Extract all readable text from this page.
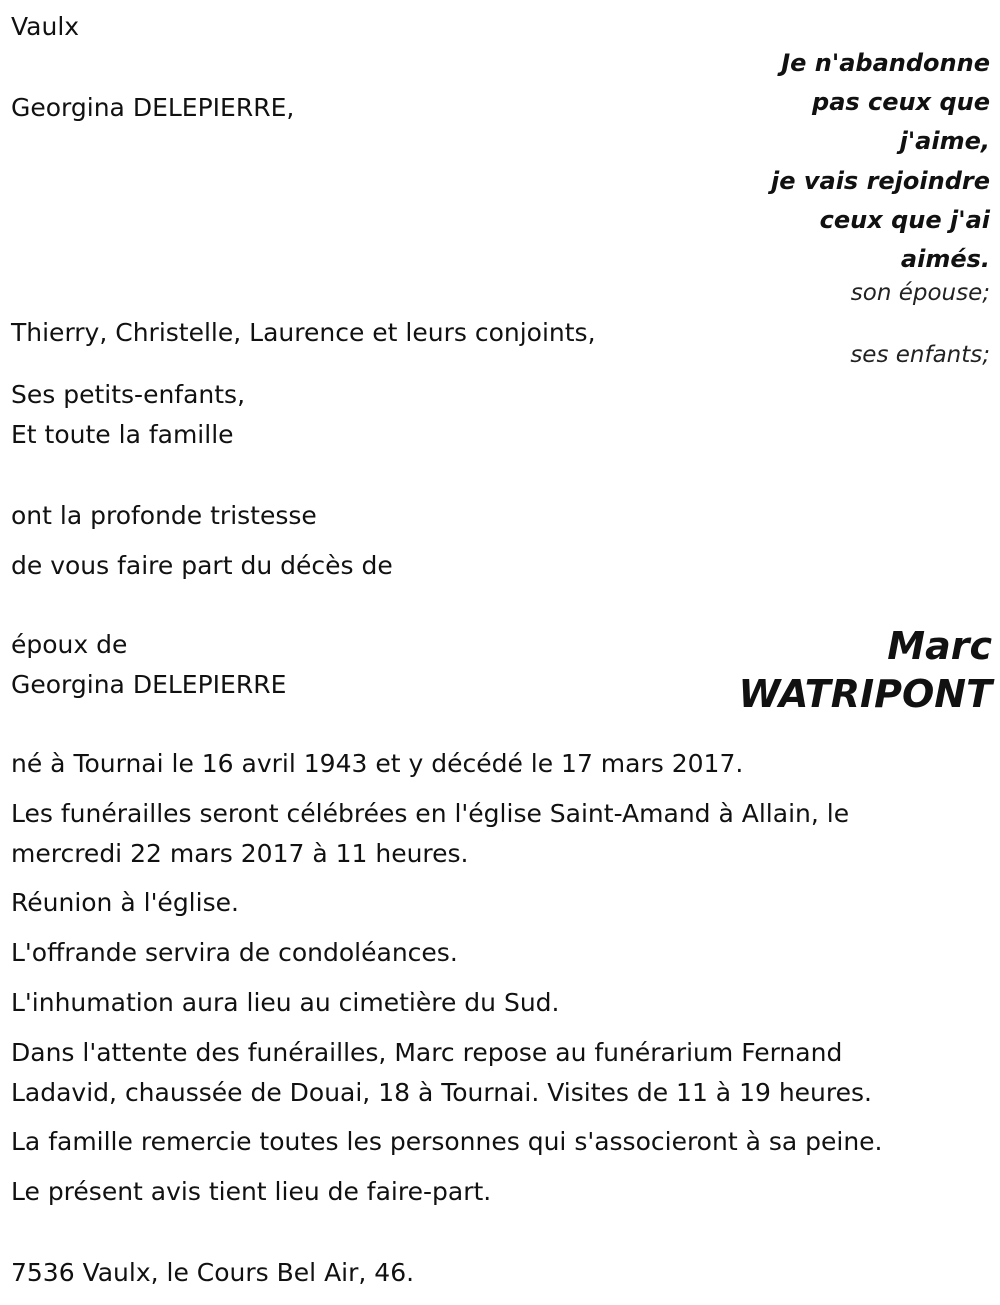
Vaulx
Je n'abandonne
pas ceux que
j'aime,
je vais rejoindre
ceux que j'ai
aimés.
Georgina DELEPIERRE,
son épouse;
Thierry, Christelle, Laurence et leurs conjoints,
ses enfants;
Ses petits-enfants,
Et toute la famille
ont la profonde tristesse
de vous faire part du décès de
époux de
Georgina DELEPIERRE
Marc
WATRIPONT
né à Tournai le 16 avril 1943 et y décédé le 17 mars 2017.
Les funérailles seront célébrées en l'église Saint-Amand à Allain, le mercredi 22 mars 2017 à 11 heures.
Réunion à l'église.
L'offrande servira de condoléances.
L'inhumation aura lieu au cimetière du Sud.
Dans l'attente des funérailles, Marc repose au funérarium Fernand Ladavid, chaussée de Douai, 18 à Tournai. Visites de 11 à 19 heures.
La famille remercie toutes les personnes qui s'associeront à sa peine.
Le présent avis tient lieu de faire-part.
7536 Vaulx, le Cours Bel Air, 46.
